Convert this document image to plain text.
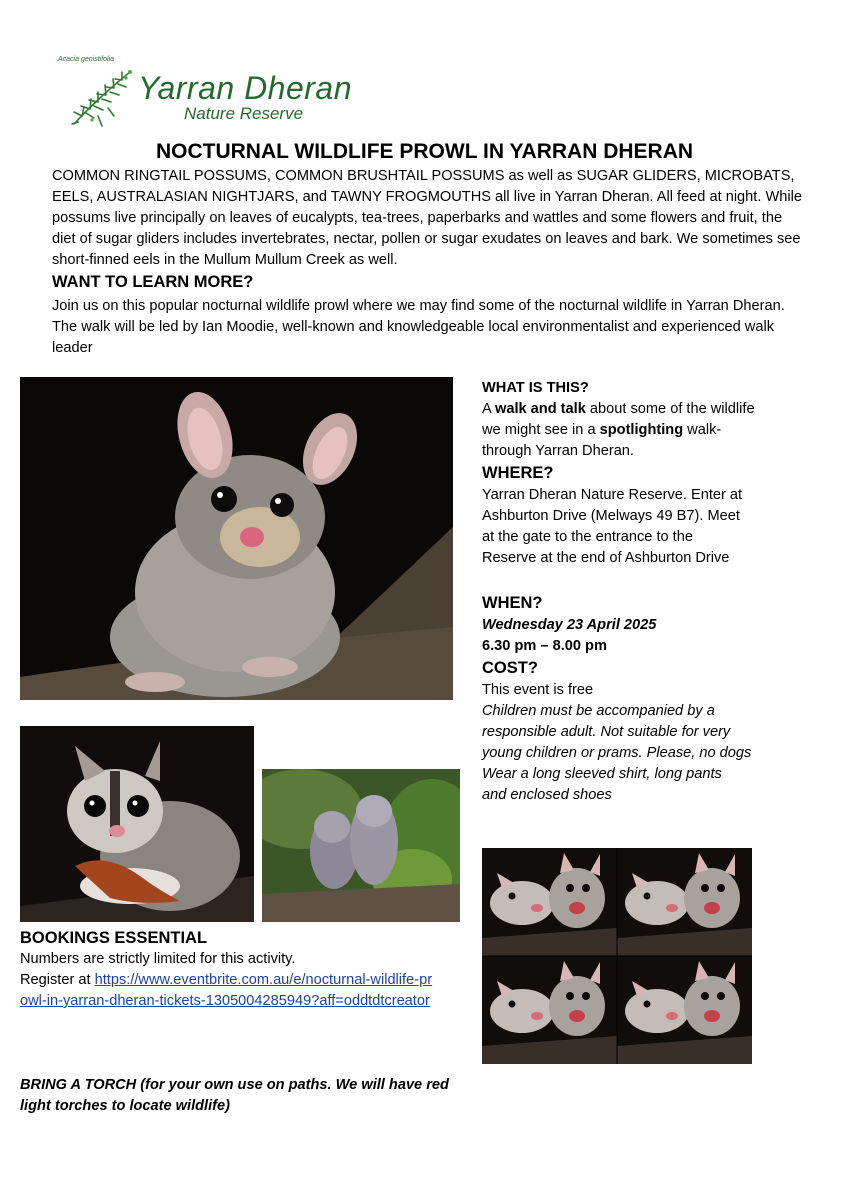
Acacia genistifolia
Yarran Dheran
Nature Reserve
NOCTURNAL WILDLIFE PROWL IN YARRAN DHERAN
COMMON RINGTAIL POSSUMS, COMMON BRUSHTAIL POSSUMS as well as SUGAR GLIDERS, MICROBATS, EELS, AUSTRALASIAN NIGHTJARS, and TAWNY FROGMOUTHS all live in Yarran Dheran. All feed at night. While possums live principally on leaves of eucalypts, tea-trees, paperbarks and wattles and some flowers and fruit, the diet of sugar gliders includes invertebrates, nectar, pollen or sugar exudates on leaves and bark. We sometimes see short-finned eels in the Mullum Mullum Creek as well.
WANT TO LEARN MORE?
Join us on this popular nocturnal wildlife prowl where we may find some of the nocturnal wildlife in Yarran Dheran. The walk will be led by Ian Moodie, well-known and knowledgeable local environmentalist and experienced walk leader
WHAT IS THIS?
A walk and talk about some of the wildlife we might see in a spotlighting walk-through Yarran Dheran.
WHERE?
Yarran Dheran Nature Reserve. Enter at Ashburton Drive (Melways 49 B7). Meet at the gate to the entrance to the Reserve at the end of Ashburton Drive
WHEN?
Wednesday 23 April 2025
6.30 pm – 8.00 pm
COST?
This event is free
Children must be accompanied by a responsible adult. Not suitable for very young children or prams. Please, no dogs
Wear a long sleeved shirt, long pants and enclosed shoes
BOOKINGS ESSENTIAL
Numbers are strictly limited for this activity.
Register at https://www.eventbrite.com.au/e/nocturnal-wildlife-prowl-in-yarran-dheran-tickets-1305004285949?aff=oddtdtcreator
BRING A TORCH (for your own use on paths. We will have red light torches to locate wildlife)
